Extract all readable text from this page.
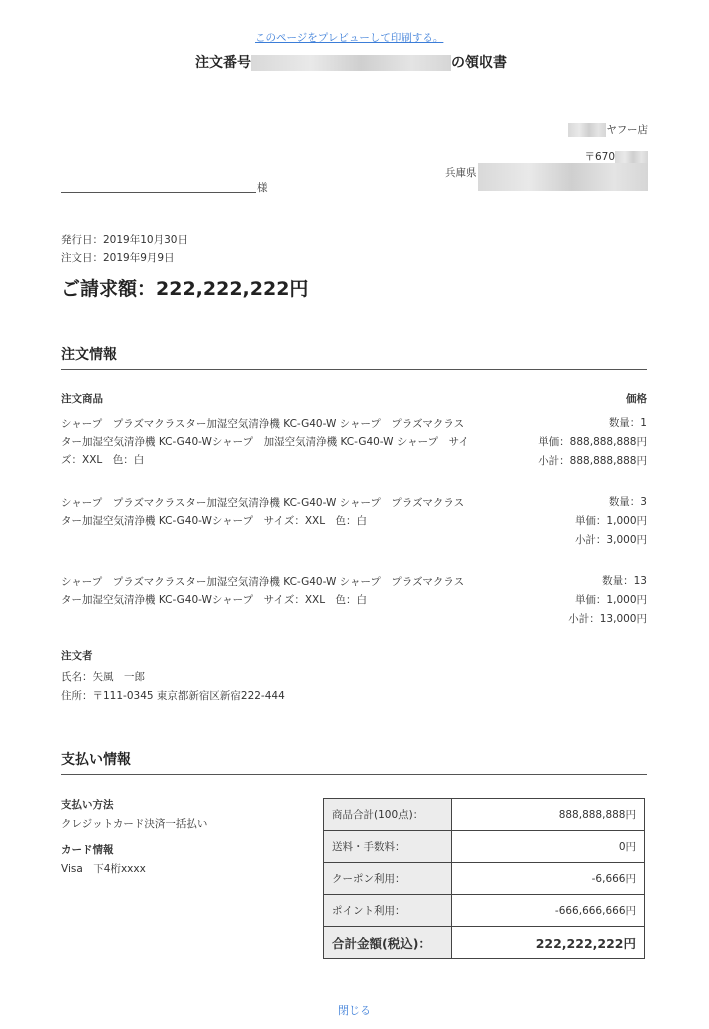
このページをプレビューして印刷する。
注文番号	の領収書
ヤフー店
〒670
兵庫県
様
発行日：2019年10月30日
注文日：2019年9月9日
ご請求額：222,222,222円
注文情報
注文商品	価格
シャープ　プラズマクラスター加湿空気清浄機 KC-G40-W シャープ　プラズマクラスター加湿空気清浄機 KC-G40-Wシャープ　加湿空気清浄機 KC-G40-W シャープ　サイズ：XXL　色：白
数量：1
単価：888,888,888円
小計：888,888,888円
シャープ　プラズマクラスター加湿空気清浄機 KC-G40-W シャープ　プラズマクラスター加湿空気清浄機 KC-G40-Wシャープ　サイズ：XXL　色：白
数量：3
単価：1,000円
小計：3,000円
シャープ　プラズマクラスター加湿空気清浄機 KC-G40-W シャープ　プラズマクラスター加湿空気清浄機 KC-G40-Wシャープ　サイズ：XXL　色：白
数量：13
単価：1,000円
小計：13,000円
注文者
氏名：矢風　一郎
住所：〒111-0345 東京都新宿区新宿222-444
支払い情報
支払い方法
クレジットカード決済一括払い
カード情報
Visa　下4桁xxxx
商品合計(100点)：	888,888,888円
送料・手数料：	0円
クーポン利用：	-6,666円
ポイント利用：	-666,666,666円
合計金額(税込)：	222,222,222円
閉じる
